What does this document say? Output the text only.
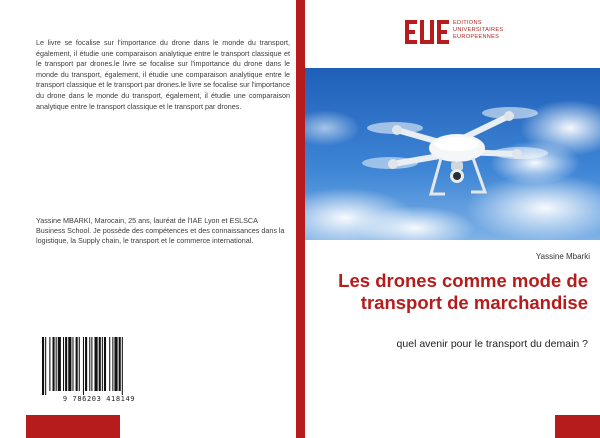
Le livre se focalise sur l'importance du drone dans le monde du transport, également, il étudie une comparaison analytique entre le transport classique et le transport par drones.le livre se focalise sur l'importance du drone dans le monde du transport, également, il étudie une comparaison analytique entre le transport classique et le transport par drones.le livre se focalise sur l'importance du drone dans le monde du transport, également, il étudie une comparaison analytique entre le transport classique et le transport par drones.

Yassine MBARKI, Marocain, 25 ans, lauréat de l'IAE Lyon et ESLSCA Business School. Je possède des compétences et des connaissances dans la logistique, la Supply chain, le transport et le commerce international.

9 786203 418149
EDITIONS
UNIVERSITAIRES
EUROPEENNES
Yassine Mbarki
Les drones comme mode de transport de marchandise
quel avenir pour le transport du demain ?
